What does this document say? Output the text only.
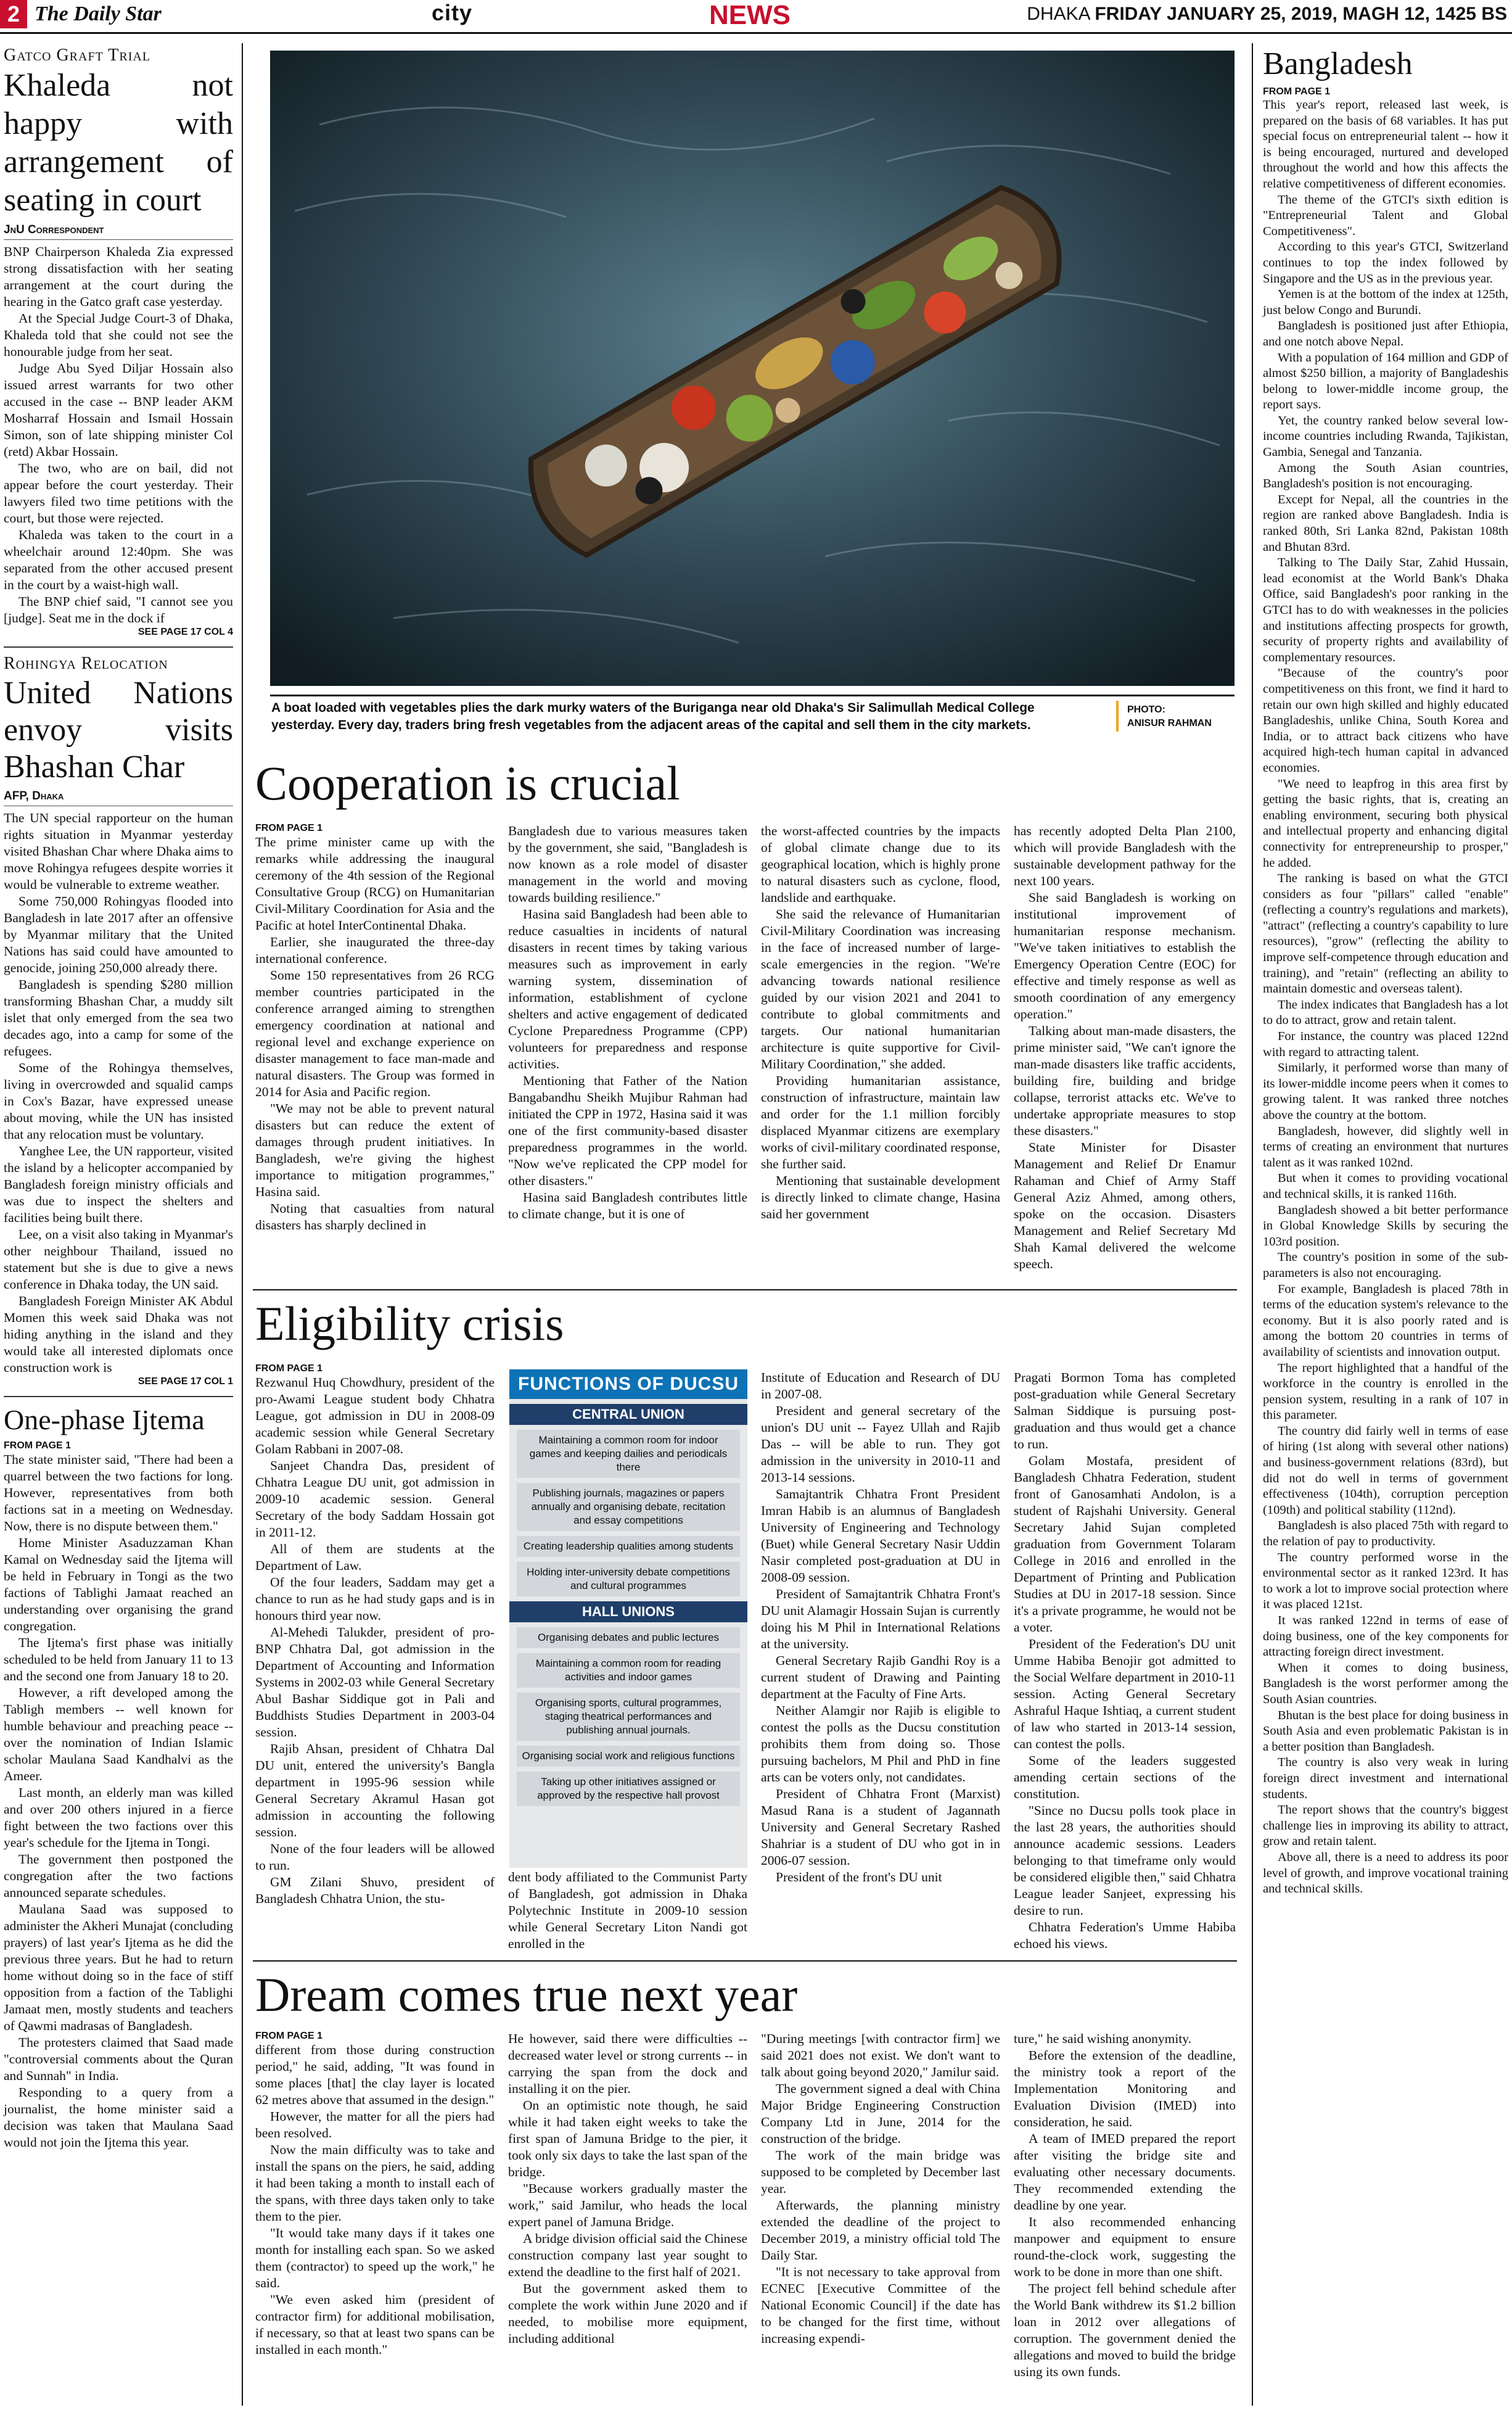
2 The Daily Star	city	NEWS	DHAKA FRIDAY JANUARY 25, 2019, MAGH 12, 1425 BS
Gatco Graft Trial
Khaleda not happy with arrangement of seating in court
JnU Correspondent

BNP Chairperson Khaleda Zia expressed strong dissatisfaction with her seating arrangement at the court during the hearing in the Gatco graft case yesterday.

At the Special Judge Court-3 of Dhaka, Khaleda told that she could not see the honourable judge from her seat.

Judge Abu Syed Diljar Hossain also issued arrest warrants for two other accused in the case -- BNP leader AKM Mosharraf Hossain and Ismail Hossain Simon, son of late shipping minister Col (retd) Akbar Hossain.

The two, who are on bail, did not appear before the court yesterday. Their lawyers filed two time petitions with the court, but those were rejected.

Khaleda was taken to the court in a wheelchair around 12:40pm. She was separated from the other accused present in the court by a waist-high wall.

The BNP chief said, "I cannot see you [judge]. Seat me in the dock if

SEE PAGE 17 COL 4

Rohingya Relocation
United Nations envoy visits Bhashan Char
AFP, Dhaka

The UN special rapporteur on the human rights situation in Myanmar yesterday visited Bhashan Char where Dhaka aims to move Rohingya refugees despite worries it would be vulnerable to extreme weather.

Some 750,000 Rohingyas flooded into Bangladesh in late 2017 after an offensive by Myanmar military that the United Nations has said could have amounted to genocide, joining 250,000 already there.

Bangladesh is spending $280 million transforming Bhashan Char, a muddy silt islet that only emerged from the sea two decades ago, into a camp for some of the refugees.

Some of the Rohingya themselves, living in overcrowded and squalid camps in Cox's Bazar, have expressed unease about moving, while the UN has insisted that any relocation must be voluntary.

Yanghee Lee, the UN rapporteur, visited the island by a helicopter accompanied by Bangladesh foreign ministry officials and was due to inspect the shelters and facilities being built there.

Lee, on a visit also taking in Myanmar's other neighbour Thailand, issued no statement but she is due to give a news conference in Dhaka today, the UN said.

Bangladesh Foreign Minister AK Abdul Momen this week said Dhaka was not hiding anything in the island and they would take all interested diplomats once construction work is

SEE PAGE 17 COL 1

One-phase Ijtema

FROM PAGE 1

The state minister said, "There had been a quarrel between the two factions for long. However, representatives from both factions sat in a meeting on Wednesday. Now, there is no dispute between them."

Home Minister Asaduzzaman Khan Kamal on Wednesday said the Ijtema will be held in February in Tongi as the two factions of Tablighi Jamaat reached an understanding over organising the grand congregation.

The Ijtema's first phase was initially scheduled to be held from January 11 to 13 and the second one from January 18 to 20.

However, a rift developed among the Tabligh members -- well known for humble behaviour and preaching peace -- over the nomination of Indian Islamic scholar Maulana Saad Kandhalvi as the Ameer.

Last month, an elderly man was killed and over 200 others injured in a fierce fight between the two factions over this year's schedule for the Ijtema in Tongi.

The government then postponed the congregation after the two factions announced separate schedules.

Maulana Saad was supposed to administer the Akheri Munajat (concluding prayers) of last year's Ijtema as he did the previous three years. But he had to return home without doing so in the face of stiff opposition from a faction of the Tablighi Jamaat men, mostly students and teachers of Qawmi madrasas of Bangladesh.

The protesters claimed that Saad made "controversial comments about the Quran and Sunnah" in India.

Responding to a query from a journalist, the home minister said a decision was taken that Maulana Saad would not join the Ijtema this year.

A boat loaded with vegetables plies the dark murky waters of the Buriganga near old Dhaka's Sir Salimullah Medical College yesterday. Every day, traders bring fresh vegetables from the adjacent areas of the capital and sell them in the city markets.
PHOTO:
ANISUR RAHMAN
Cooperation is crucial

FROM PAGE 1

The prime minister came up with the remarks while addressing the inaugural ceremony of the 4th session of the Regional Consultative Group (RCG) on Humanitarian Civil-Military Coordination for Asia and the Pacific at hotel InterContinental Dhaka.

Earlier, she inaugurated the three-day international conference.

Some 150 representatives from 26 RCG member countries participated in the conference arranged aiming to strengthen emergency coordination at national and regional level and exchange experience on disaster management to face man-made and natural disasters. The Group was formed in 2014 for Asia and Pacific region.

"We may not be able to prevent natural disasters but can reduce the extent of damages through prudent initiatives. In Bangladesh, we're giving the highest importance to mitigation programmes," Hasina said.

Noting that casualties from natural disasters has sharply declined in

Bangladesh due to various measures taken by the government, she said, "Bangladesh is now known as a role model of disaster management in the world and moving towards building resilience."

Hasina said Bangladesh had been able to reduce casualties in incidents of natural disasters in recent times by taking various measures such as improvement in early warning system, dissemination of information, establishment of cyclone shelters and active engagement of dedicated Cyclone Preparedness Programme (CPP) volunteers for preparedness and response activities.

Mentioning that Father of the Nation Bangabandhu Sheikh Mujibur Rahman had initiated the CPP in 1972, Hasina said it was one of the first community-based disaster preparedness programmes in the world. "Now we've replicated the CPP model for other disasters."

Hasina said Bangladesh contributes little to climate change, but it is one of

the worst-affected countries by the impacts of global climate change due to its geographical location, which is highly prone to natural disasters such as cyclone, flood, landslide and earthquake.

She said the relevance of Humanitarian Civil-Military Coordination was increasing in the face of increased number of large-scale emergencies in the region. "We're advancing towards national resilience guided by our vision 2021 and 2041 to contribute to global commitments and targets. Our national humanitarian architecture is quite supportive for Civil-Military Coordination," she added.

Providing humanitarian assistance, construction of infrastructure, maintain law and order for the 1.1 million forcibly displaced Myanmar citizens are exemplary works of civil-military coordinated response, she further said.

Mentioning that sustainable development is directly linked to climate change, Hasina said her government

has recently adopted Delta Plan 2100, which will provide Bangladesh with the sustainable development pathway for the next 100 years.

She said Bangladesh is working on institutional improvement of humanitarian response mechanism. "We've taken initiatives to establish the Emergency Operation Centre (EOC) for effective and timely response as well as smooth coordination of any emergency operation."

Talking about man-made disasters, the prime minister said, "We can't ignore the man-made disasters like traffic accidents, building fire, building and bridge collapse, terrorist attacks etc. We've to undertake appropriate measures to stop these disasters."

State Minister for Disaster Management and Relief Dr Enamur Rahaman and Chief of Army Staff General Aziz Ahmed, among others, spoke on the occasion. Disasters Management and Relief Secretary Md Shah Kamal delivered the welcome speech.

Eligibility crisis

FROM PAGE 1

Rezwanul Huq Chowdhury, president of the pro-Awami League student body Chhatra League, got admission in DU in 2008-09 academic session while General Secretary Golam Rabbani in 2007-08.

Sanjeet Chandra Das, president of Chhatra League DU unit, got admission in 2009-10 academic session. General Secretary of the body Saddam Hossain got in 2011-12.

All of them are students at the Department of Law.

Of the four leaders, Saddam may get a chance to run as he had study gaps and is in honours third year now.

Al-Mehedi Talukder, president of pro-BNP Chhatra Dal, got admission in the Department of Accounting and Information Systems in 2002-03 while General Secretary Abul Bashar Siddique got in Pali and Buddhists Studies Department in 2003-04 session.

Rajib Ahsan, president of Chhatra Dal DU unit, entered the university's Bangla department in 1995-96 session while General Secretary Akramul Hasan got admission in accounting the following session.

None of the four leaders will be allowed to run.

GM Zilani Shuvo, president of Bangladesh Chhatra Union, the stu-

FUNCTIONS OF DUCSU
CENTRAL UNION
Maintaining a common room for indoor games and keeping dailies and periodicals there
Publishing journals, magazines or papers annually and organising debate, recitation and essay competitions
Creating leadership qualities among students
Holding inter-university debate competitions and cultural programmes
HALL UNIONS
Organising debates and public lectures
Maintaining a common room for reading activities and indoor games
Organising sports, cultural programmes, staging theatrical performances and publishing annual journals.
Organising social work and religious functions
Taking up other initiatives assigned or approved by the respective hall provost

dent body affiliated to the Communist Party of Bangladesh, got admission in Dhaka Polytechnic Institute in 2009-10 session while General Secretary Liton Nandi got enrolled in the

Institute of Education and Research of DU in 2007-08.

President and general secretary of the union's DU unit -- Fayez Ullah and Rajib Das -- will be able to run. They got admission in the university in 2010-11 and 2013-14 sessions.

Samajtantrik Chhatra Front President Imran Habib is an alumnus of Bangladesh University of Engineering and Technology (Buet) while General Secretary Nasir Uddin Nasir completed post-graduation at DU in 2008-09 session.

President of Samajtantrik Chhatra Front's DU unit Alamagir Hossain Sujan is currently doing his M Phil in International Relations at the university.

General Secretary Rajib Gandhi Roy is a current student of Drawing and Painting department at the Faculty of Fine Arts.

Neither Alamgir nor Rajib is eligible to contest the polls as the Ducsu constitution prohibits them from doing so. Those pursuing bachelors, M Phil and PhD in fine arts can be voters only, not candidates.

President of Chhatra Front (Marxist) Masud Rana is a student of Jagannath University and General Secretary Rashed Shahriar is a student of DU who got in in 2006-07 session.

President of the front's DU unit

Pragati Bormon Toma has completed post-graduation while General Secretary Salman Siddique is pursuing post-graduation and thus would get a chance to run.

Golam Mostafa, president of Bangladesh Chhatra Federation, student front of Ganosamhati Andolon, is a student of Rajshahi University. General Secretary Jahid Sujan completed graduation from Government Tolaram College in 2016 and enrolled in the Department of Printing and Publication Studies at DU in 2017-18 session. Since it's a private programme, he would not be a voter.

President of the Federation's DU unit Umme Habiba Benojir got admitted to the Social Welfare department in 2010-11 session. Acting General Secretary Ashraful Haque Ishtiaq, a current student of law who started in 2013-14 session, can contest the polls.

Some of the leaders suggested amending certain sections of the constitution.

"Since no Ducsu polls took place in the last 28 years, the authorities should announce academic sessions. Leaders belonging to that timeframe only would be considered eligible then," said Chhatra League leader Sanjeet, expressing his desire to run.

Chhatra Federation's Umme Habiba echoed his views.

Dream comes true next year

FROM PAGE 1

different from those during construction period," he said, adding, "It was found in some places [that] the clay layer is located 62 metres above that assumed in the design."

However, the matter for all the piers had been resolved.

Now the main difficulty was to take and install the spans on the piers, he said, adding it had been taking a month to install each of the spans, with three days taken only to take them to the pier.

"It would take many days if it takes one month for installing each span. So we asked them (contractor) to speed up the work," he said.

"We even asked him (president of contractor firm) for additional mobilisation, if necessary, so that at least two spans can be installed in each month."

He however, said there were difficulties -- decreased water level or strong currents -- in carrying the span from the dock and installing it on the pier.

On an optimistic note though, he said while it had taken eight weeks to take the first span of Jamuna Bridge to the pier, it took only six days to take the last span of the bridge.

"Because workers gradually master the work," said Jamilur, who heads the local expert panel of Jamuna Bridge.

A bridge division official said the Chinese construction company last year sought to extend the deadline to the first half of 2021.

But the government asked them to complete the work within June 2020 and if needed, to mobilise more equipment, including additional

"During meetings [with contractor firm] we said 2021 does not exist. We don't want to talk about going beyond 2020," Jamilur said.

The government signed a deal with China Major Bridge Engineering Construction Company Ltd in June, 2014 for the construction of the bridge.

The work of the main bridge was supposed to be completed by December last year.

Afterwards, the planning ministry extended the deadline of the project to December 2019, a ministry official told The Daily Star.

"It is not necessary to take approval from ECNEC [Executive Committee of the National Economic Council] if the date has to be changed for the first time, without increasing expendi-

ture," he said wishing anonymity.

Before the extension of the deadline, the ministry took a report of the Implementation Monitoring and Evaluation Division (IMED) into consideration, he said.

A team of IMED prepared the report after visiting the bridge site and evaluating other necessary documents. They recommended extending the deadline by one year.

It also recommended enhancing manpower and equipment to ensure round-the-clock work, suggesting the work to be done in more than one shift.

The project fell behind schedule after the World Bank withdrew its $1.2 billion loan in 2012 over allegations of corruption. The government denied the allegations and moved to build the bridge using its own funds.

Bangladesh

FROM PAGE 1

This year's report, released last week, is prepared on the basis of 68 variables. It has put special focus on entrepreneurial talent -- how it is being encouraged, nurtured and developed throughout the world and how this affects the relative competitiveness of different economies.

The theme of the GTCI's sixth edition is "Entrepreneurial Talent and Global Competitiveness".

According to this year's GTCI, Switzerland continues to top the index followed by Singapore and the US as in the previous year.

Yemen is at the bottom of the index at 125th, just below Congo and Burundi.

Bangladesh is positioned just after Ethiopia, and one notch above Nepal.

With a population of 164 million and GDP of almost $250 billion, a majority of Bangladeshis belong to lower-middle income group, the report says.

Yet, the country ranked below several low-income countries including Rwanda, Tajikistan, Gambia, Senegal and Tanzania.

Among the South Asian countries, Bangladesh's position is not encouraging.

Except for Nepal, all the countries in the region are ranked above Bangladesh. India is ranked 80th, Sri Lanka 82nd, Pakistan 108th and Bhutan 83rd.

Talking to The Daily Star, Zahid Hussain, lead economist at the World Bank's Dhaka Office, said Bangladesh's poor ranking in the GTCI has to do with weaknesses in the policies and institutions affecting prospects for growth, security of property rights and availability of complementary resources.

"Because of the country's poor competitiveness on this front, we find it hard to retain our own high skilled and highly educated Bangladeshis, unlike China, South Korea and India, or to attract back citizens who have acquired high-tech human capital in advanced economies.

"We need to leapfrog in this area first by getting the basic rights, that is, creating an enabling environment, securing both physical and intellectual property and enhancing digital connectivity for entrepreneurship to prosper," he added.

The ranking is based on what the GTCI considers as four "pillars" called "enable" (reflecting a country's regulations and markets), "attract" (reflecting a country's capability to lure resources), "grow" (reflecting the ability to improve self-competence through education and training), and "retain" (reflecting an ability to maintain domestic and overseas talent).

The index indicates that Bangladesh has a lot to do to attract, grow and retain talent.

For instance, the country was placed 122nd with regard to attracting talent.

Similarly, it performed worse than many of its lower-middle income peers when it comes to growing talent. It was ranked three notches above the country at the bottom.

Bangladesh, however, did slightly well in terms of creating an environment that nurtures talent as it was ranked 102nd.

But when it comes to providing vocational and technical skills, it is ranked 116th.

Bangladesh showed a bit better performance in Global Knowledge Skills by securing the 103rd position.

The country's position in some of the sub-parameters is also not encouraging.

For example, Bangladesh is placed 78th in terms of the education system's relevance to the economy. But it is also poorly rated and is among the bottom 20 countries in terms of availability of scientists and innovation output.

The report highlighted that a handful of the workforce in the country is enrolled in the pension system, resulting in a rank of 107 in this parameter.

The country did fairly well in terms of ease of hiring (1st along with several other nations) and business-government relations (83rd), but did not do well in terms of government effectiveness (104th), corruption perception (109th) and political stability (112nd).

Bangladesh is also placed 75th with regard to the relation of pay to productivity.

The country performed worse in the environmental sector as it ranked 123rd. It has to work a lot to improve social protection where it was placed 121st.

It was ranked 122nd in terms of ease of doing business, one of the key components for attracting foreign direct investment.

When it comes to doing business, Bangladesh is the worst performer among the South Asian countries.

Bhutan is the best place for doing business in South Asia and even problematic Pakistan is in a better position than Bangladesh.

The country is also very weak in luring foreign direct investment and international students.

The report shows that the country's biggest challenge lies in improving its ability to attract, grow and retain talent.

Above all, there is a need to address its poor level of growth, and improve vocational training and technical skills.
